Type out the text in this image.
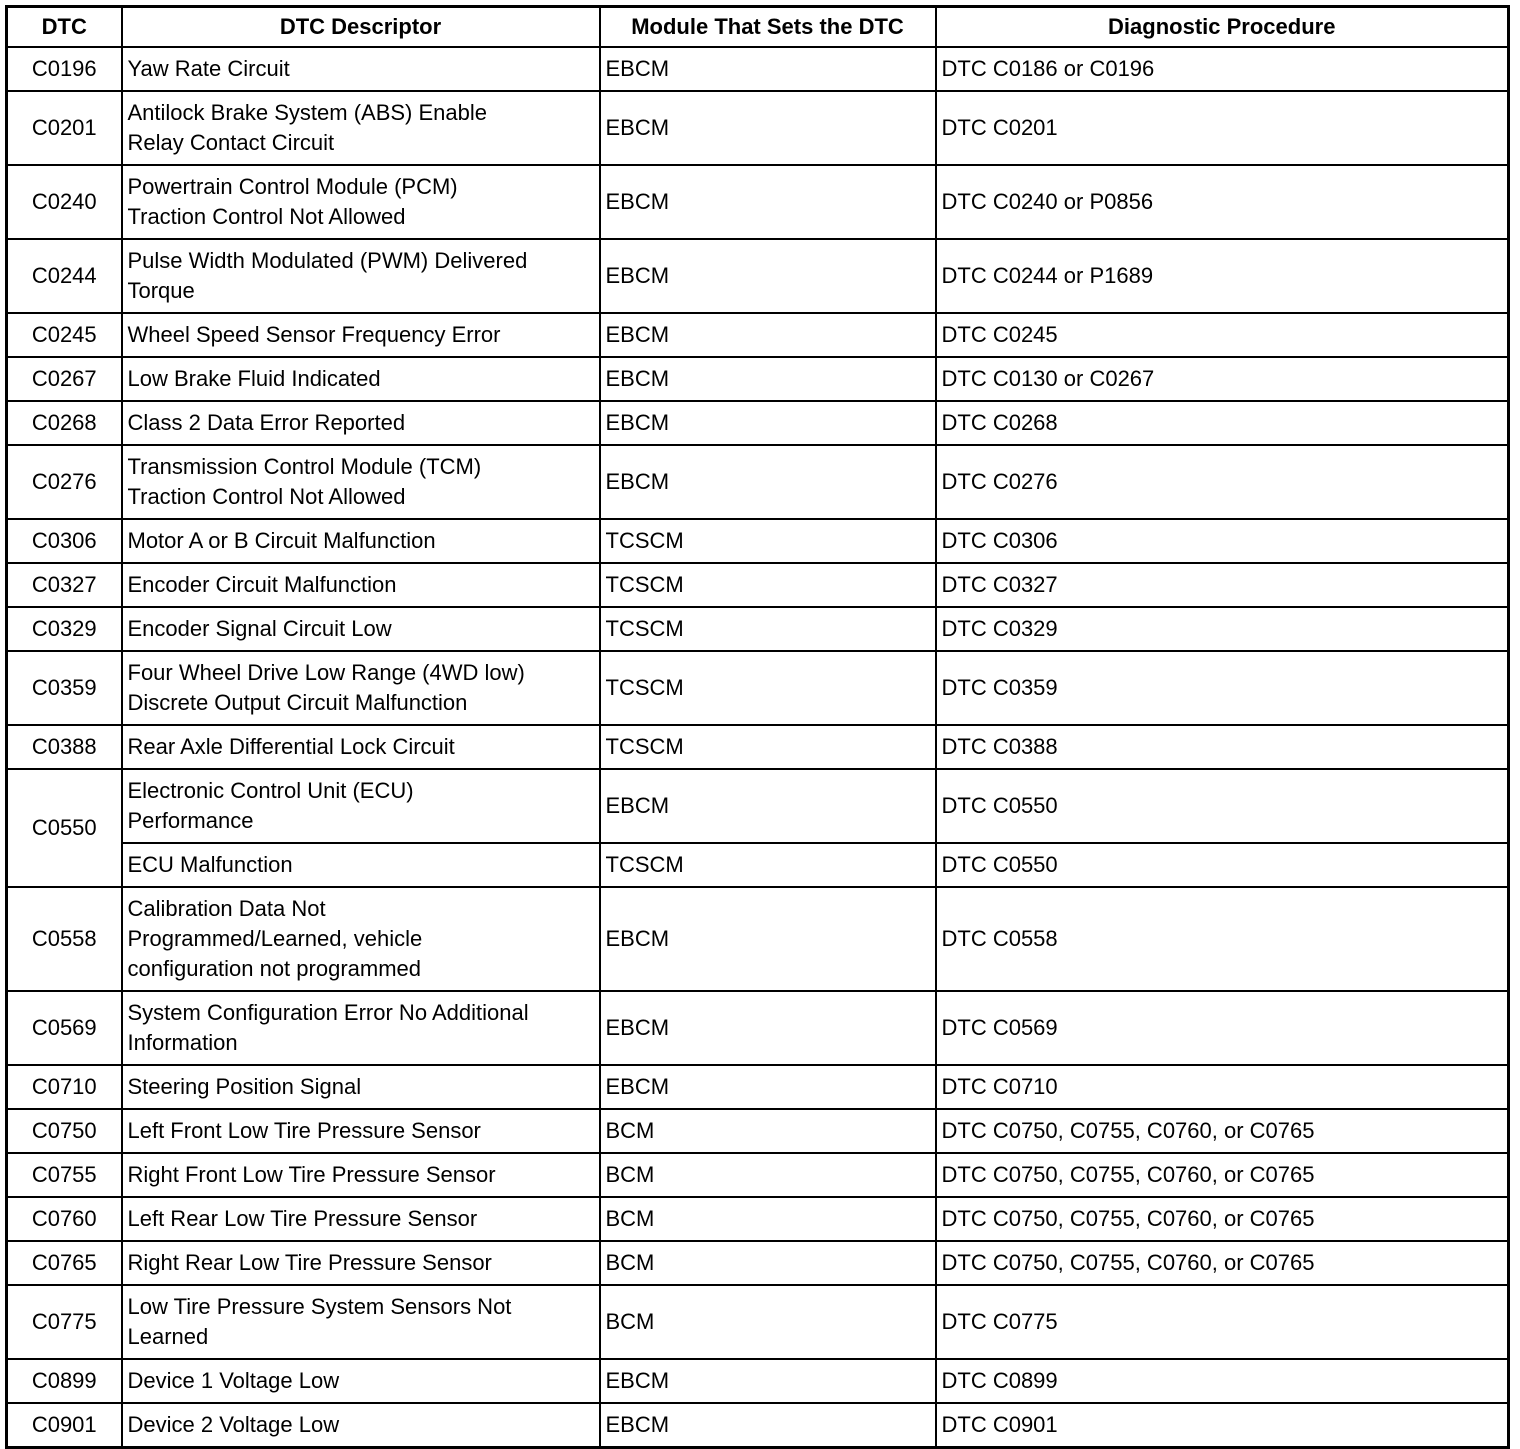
DTC	DTC Descriptor	Module That Sets the DTC	Diagnostic Procedure
C0196	Yaw Rate Circuit	EBCM	DTC C0186 or C0196
C0201	Antilock Brake System (ABS) Enable
Relay Contact Circuit	EBCM	DTC C0201
C0240	Powertrain Control Module (PCM)
Traction Control Not Allowed	EBCM	DTC C0240 or P0856
C0244	Pulse Width Modulated (PWM) Delivered
Torque	EBCM	DTC C0244 or P1689
C0245	Wheel Speed Sensor Frequency Error	EBCM	DTC C0245
C0267	Low Brake Fluid Indicated	EBCM	DTC C0130 or C0267
C0268	Class 2 Data Error Reported	EBCM	DTC C0268
C0276	Transmission Control Module (TCM)
Traction Control Not Allowed	EBCM	DTC C0276
C0306	Motor A or B Circuit Malfunction	TCSCM	DTC C0306
C0327	Encoder Circuit Malfunction	TCSCM	DTC C0327
C0329	Encoder Signal Circuit Low	TCSCM	DTC C0329
C0359	Four Wheel Drive Low Range (4WD low)
Discrete Output Circuit Malfunction	TCSCM	DTC C0359
C0388	Rear Axle Differential Lock Circuit	TCSCM	DTC C0388
C0550	Electronic Control Unit (ECU)
Performance	EBCM	DTC C0550
	ECU Malfunction	TCSCM	DTC C0550
C0558	Calibration Data Not
Programmed/Learned, vehicle
configuration not programmed	EBCM	DTC C0558
C0569	System Configuration Error No Additional
Information	EBCM	DTC C0569
C0710	Steering Position Signal	EBCM	DTC C0710
C0750	Left Front Low Tire Pressure Sensor	BCM	DTC C0750, C0755, C0760, or C0765
C0755	Right Front Low Tire Pressure Sensor	BCM	DTC C0750, C0755, C0760, or C0765
C0760	Left Rear Low Tire Pressure Sensor	BCM	DTC C0750, C0755, C0760, or C0765
C0765	Right Rear Low Tire Pressure Sensor	BCM	DTC C0750, C0755, C0760, or C0765
C0775	Low Tire Pressure System Sensors Not
Learned	BCM	DTC C0775
C0899	Device 1 Voltage Low	EBCM	DTC C0899
C0901	Device 2 Voltage Low	EBCM	DTC C0901
